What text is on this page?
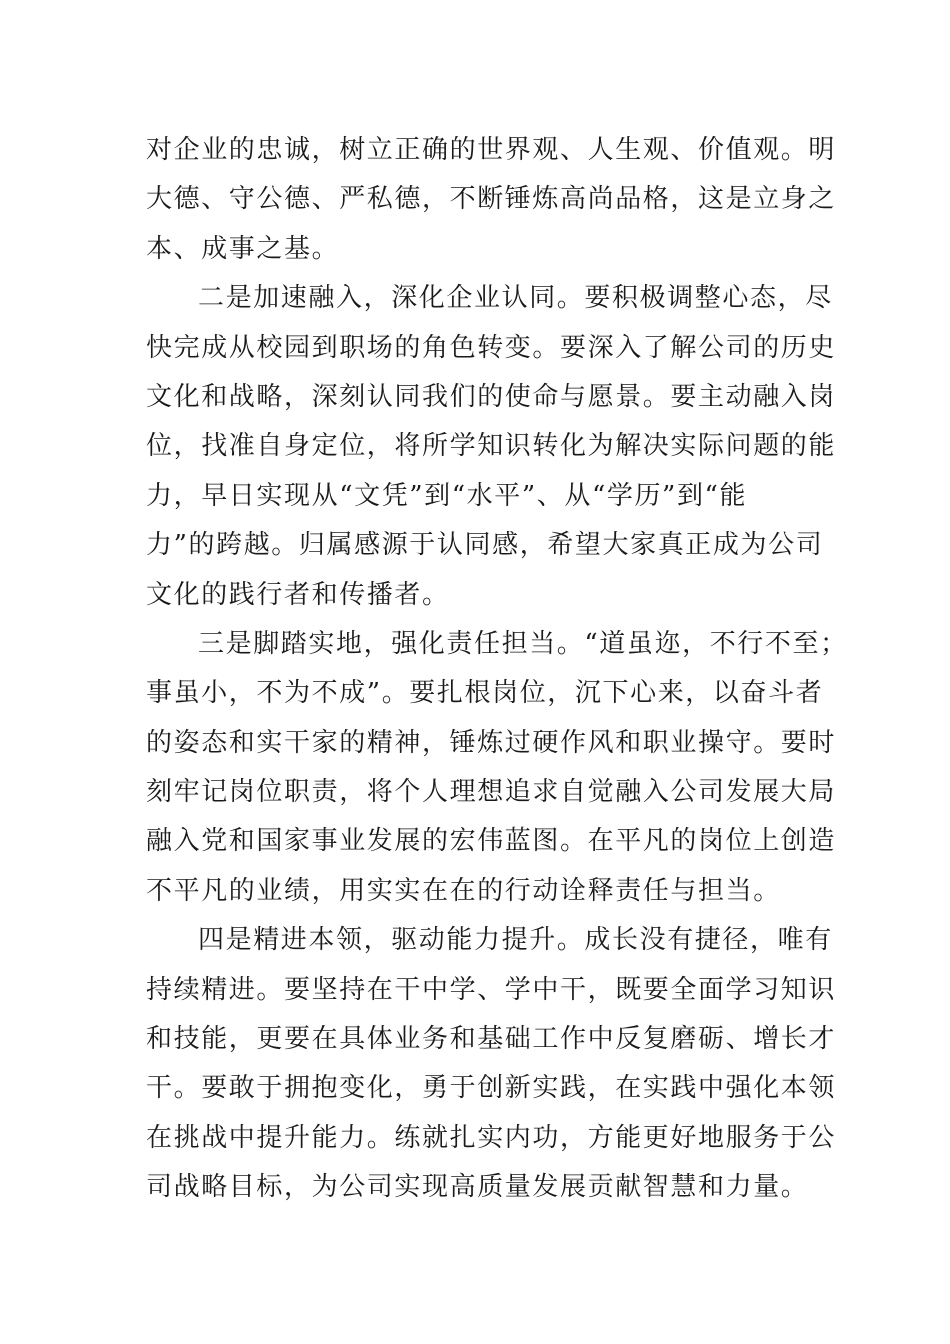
对企业的忠诚，树立正确的世界观、人生观、价值观。明
大德、守公德、严私德，不断锤炼高尚品格，这是立身之
本、成事之基。
二是加速融入，深化企业认同。要积极调整心态，尽
快完成从校园到职场的角色转变。要深入了解公司的历史
文化和战略，深刻认同我们的使命与愿景。要主动融入岗
位，找准自身定位，将所学知识转化为解决实际问题的能
力，早日实现从“文凭”到“水平”、从“学历”到“能
力”的跨越。归属感源于认同感，希望大家真正成为公司
文化的践行者和传播者。
三是脚踏实地，强化责任担当。“道虽迩，不行不至；
事虽小，不为不成”。要扎根岗位，沉下心来，以奋斗者
的姿态和实干家的精神，锤炼过硬作风和职业操守。要时
刻牢记岗位职责，将个人理想追求自觉融入公司发展大局
融入党和国家事业发展的宏伟蓝图。在平凡的岗位上创造
不平凡的业绩，用实实在在的行动诠释责任与担当。
四是精进本领，驱动能力提升。成长没有捷径，唯有
持续精进。要坚持在干中学、学中干，既要全面学习知识
和技能，更要在具体业务和基础工作中反复磨砺、增长才
干。要敢于拥抱变化，勇于创新实践，在实践中强化本领
在挑战中提升能力。练就扎实内功，方能更好地服务于公
司战略目标，为公司实现高质量发展贡献智慧和力量。
